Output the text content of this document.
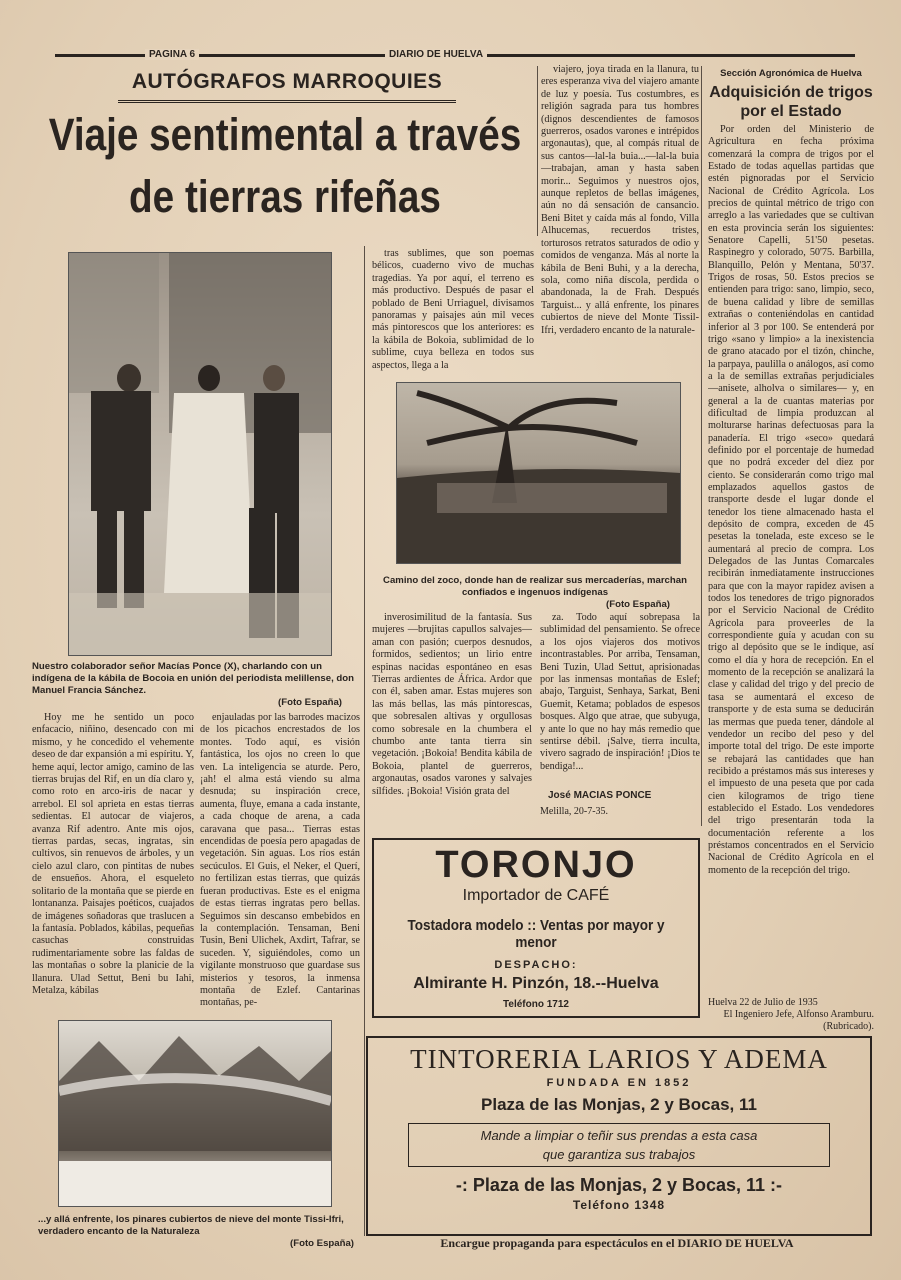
PAGINA 6	DIARIO DE HUELVA
AUTÓGRAFOS MARROQUIES
Viaje sentimental a través
de tierras rifeñas
Nuestro colaborador señor Macías Ponce (X), charlando con un indígena de la kábila de Bocoia en unión del periodista melillense, don Manuel Francia Sánchez.
(Foto España)

Hoy me he sentido un poco enfacacio, niñino, desencado con mi mismo, y he concedido el vehemente deseo de dar expansión a mi espíritu. Y, heme aquí, lector amigo, camino de las tierras brujas del Rif, en un día claro y, como roto en arco-iris de nacar y arrebol. El sol aprieta en estas tierras sedientas. El autocar de viajeros, avanza Rif adentro. Ante mis ojos, tierras pardas, secas, ingratas, sin cultivos, sin renuevos de árboles, y un cielo azul claro, con pintitas de nubes de ensueños. Ahora, el esqueleto solitario de la montaña que se pierde en lontananza. Paisajes poéticos, cuajados de imágenes soñadoras que traslucen a la fantasía. Poblados, kábilas, pequeñas casuchas construidas rudimentariamente sobre las faldas de las montañas o sobre la planicie de la llanura. Ulad Settut, Beni bu Iahi, Metalza, kábilas

enjauladas por las barrodes macizos de los picachos encrestados de los montes. Todo aquí, es visión fantástica, los ojos no creen lo que ven. La inteligencia se aturde. Pero, ¡ah! el alma está viendo su alma desnuda; su inspiración crece, aumenta, fluye, emana a cada instante, a cada choque de arena, a cada caravana que pasa... Tierras estas encendidas de poesía pero apagadas de vegetación. Sin aguas. Los ríos están secúculos. El Guis, el Neker, el Querí, no fertilizan estas tierras, que quizás fueran productivas. Este es el enigma de estas tierras ingratas pero bellas. Seguimos sin descanso embebidos en la contemplación. Tensaman, Beni Tusin, Beni Ulichek, Axdirt, Tafrar, se suceden. Y, siguiéndoles, como un vigilante monstruoso que guardase sus misterios y tesoros, la inmensa montaña de Ezlef. Cantarinas montañas, pe-

tras sublimes, que son poemas bélicos, cuaderno vivo de muchas tragedias. Ya por aquí, el terreno es más productivo. Después de pasar el poblado de Beni Urriaguel, divisamos panoramas y paisajes aún mil veces más pintorescos que los anteriores: es la kábila de Bokoia, sublimidad de lo sublime, cuya belleza en todos sus aspectos, llega a la

viajero, joya tirada en la llanura, tu eres esperanza viva del viajero amante de luz y poesía. Tus costumbres, es religión sagrada para tus hombres (dignos descendientes de famosos guerreros, osados varones e intrépidos argonautas), que, al compás ritual de sus cantos—lal-la buia...—lal-la buia—trabajan, aman y hasta saben morir... Seguimos y nuestros ojos, aunque repletos de bellas imágenes, aún no dá sensación de cansancio. Beni Bitet y caída más al fondo, Villa Alhucemas, recuerdos tristes, torturosos retratos saturados de odio y comidos de venganza. Más al norte la kábila de Beni Buhi, y a la derecha, sola, como niña díscola, perdida o abandonada, la de Frah. Después Targuist... y allá enfrente, los pinares cubiertos de nieve del Monte Tissil-Ifri, verdadero encanto de la naturale-

Camino del zoco, donde han de realizar sus mercaderías, marchan confiados e ingenuos indígenas
(Foto España)

inverosimilitud de la fantasía. Sus mujeres —brujitas capullos salvajes— aman con pasión; cuerpos desnudos, formidos, sedientos; un lirio entre espinas nacidas espontáneo en esas Tierras ardientes de África. Ardor que con él, saben amar. Estas mujeres son las más bellas, las más pintorescas, que sobresalen altivas y orgullosas como sobresale en la chumbera el chumbo ante tanta tierra sin vegetación. ¡Bokoia! Bendita kábila de Bokoia, plantel de guerreros, argonautas, osados varones y salvajes sílfides. ¡Bokoia! Visión grata del

za. Todo aquí sobrepasa la sublimidad del pensamiento. Se ofrece a los ojos viajeros dos motivos incontrastables. Por arriba, Tensaman, Beni Tuzin, Ulad Settut, aprisionadas por las inmensas montañas de Eslef; abajo, Targuist, Senhaya, Sarkat, Beni Guemit, Ketama; poblados de espesos bosques. Algo que atrae, que subyuga, y ante lo que no hay más remedio que sentirse débil. ¡Salve, tierra inculta, vivero sagrado de inspiración! ¡Dios te bendiga!...

José MACIAS PONCE
Melilla, 20-7-35.
...y allá enfrente, los pinares cubiertos de nieve del monte Tissi-Ifri, verdadero encanto de la Naturaleza
(Foto España)
Sección Agronómica de Huelva
Adquisición de trigos
por el Estado

Por orden del Ministerio de Agricultura en fecha próxima comenzará la compra de trigos por el Estado de todas aquellas partidas que estén pignoradas por el Servicio Nacional de Crédito Agrícola. Los precios de quintal métrico de trigo con arreglo a las variedades que se cultivan en esta provincia serán los siguientes: Senatore Capelli, 51'50 pesetas. Raspinegro y colorado, 50'75. Barbilla, Blanquillo, Pelón y Mentana, 50'37. Trigos de rosas, 50. Estos precios se entienden para trigo: sano, limpio, seco, de buena calidad y libre de semillas extrañas o conteniéndolas en cantidad inferior al 3 por 100. Se entenderá por trigo «sano y limpio» a la inexistencia de grano atacado por el tizón, chinche, la parpaya, paulilla o análogos, así como a la de semillas extrañas perjudiciales —anisete, alholva o similares— y, en general a la de cuantas materias por dificultad de limpia produzcan al molturarse harinas defectuosas para la panadería. El trigo «seco» quedará definido por el porcentaje de humedad que no podrá exceder del diez por ciento. Se considerarán como trigo mal emplazados aquellos gastos de transporte desde el lugar donde el tenedor los tiene almacenado hasta el depósito de compra, exceden de 45 pesetas la tonelada, este exceso se le aumentará al precio de compra. Los Delegados de las Juntas Comarcales recibirán inmediatamente instrucciones para que con la mayor rapidez avisen a todos los tenedores de trigo pignorados por el Servicio Nacional de Crédito Agrícola para proveerles de la correspondiente guía y acudan con su trigo al depósito que se le indique, así como el día y hora de recepción. En el momento de la recepción se analizará la clase y calidad del trigo y del precio de tasa se aumentará el exceso de transporte y de esta suma se deducirán las mermas que pueda tener, dándole al vendedor un recibo del peso y del importe total del trigo. De este importe se rebajará las cantidades que han recibido a préstamos más sus intereses y el impuesto de una peseta que por cada cien kilogramos de trigo tiene establecido el Estado. Los vendedores del trigo presentarán toda la documentación referente a los préstamos concentrados en el Servicio Nacional de Crédito Agrícola en el momento de la recepción del trigo.

Huelva 22 de Julio de 1935
El Ingeniero Jefe, Alfonso Aramburu. (Rubricado).
TORONJO
Importador de CAFÉ
Tostadora modelo :: Ventas por mayor y menor
DESPACHO:
Almirante H. Pinzón, 18.--Huelva
Teléfono 1712
TINTORERIA LARIOS Y ADEMA
FUNDADA EN 1852
Plaza de las Monjas, 2 y Bocas, 11
Mande a limpiar o teñir sus prendas a esta casa
que garantiza sus trabajos
-: Plaza de las Monjas, 2 y Bocas, 11 :-
Teléfono 1348
Encargue propaganda para espectáculos en el DIARIO DE HUELVA
